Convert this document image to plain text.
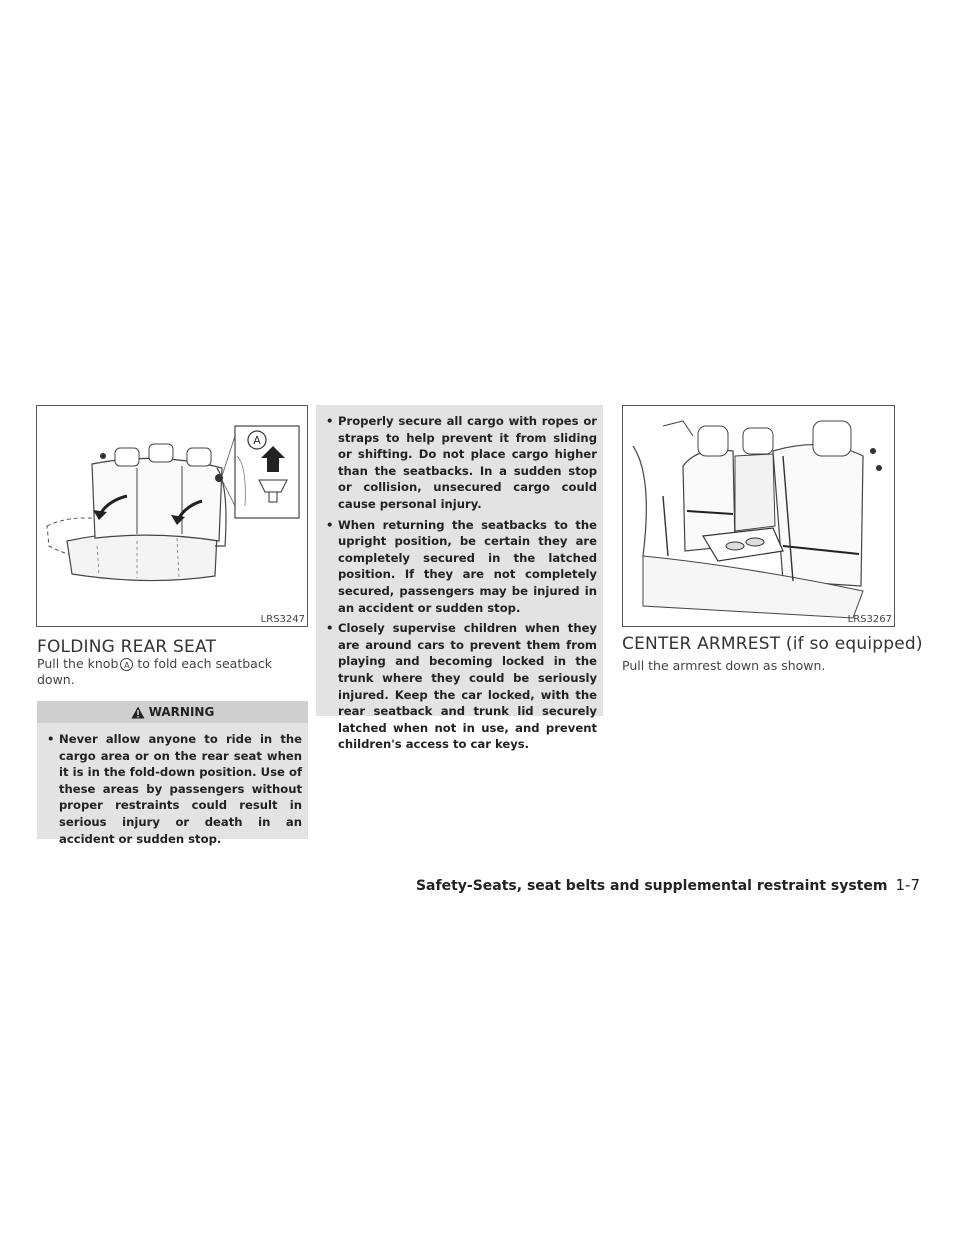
A
LRS3247	LRS3267
FOLDING REAR SEAT

Pull the knob A to fold each seatback down.

WARNING
• Never allow anyone to ride in the cargo area or on the rear seat when it is in the fold-down position. Use of these areas by passengers without proper restraints could result in serious injury or death in an accident or sudden stop.
• Properly secure all cargo with ropes or straps to help prevent it from sliding or shifting. Do not place cargo higher than the seatbacks. In a sudden stop or collision, unsecured cargo could cause personal injury.
• When returning the seatbacks to the upright position, be certain they are completely secured in the latched position. If they are not completely secured, passengers may be injured in an accident or sudden stop.
• Closely supervise children when they are around cars to prevent them from playing and becoming locked in the trunk where they could be seriously injured. Keep the car locked, with the rear seatback and trunk lid securely latched when not in use, and prevent children's access to car keys.
CENTER ARMREST (if so equipped)

Pull the armrest down as shown.

Safety-Seats, seat belts and supplemental restraint system 1-7
